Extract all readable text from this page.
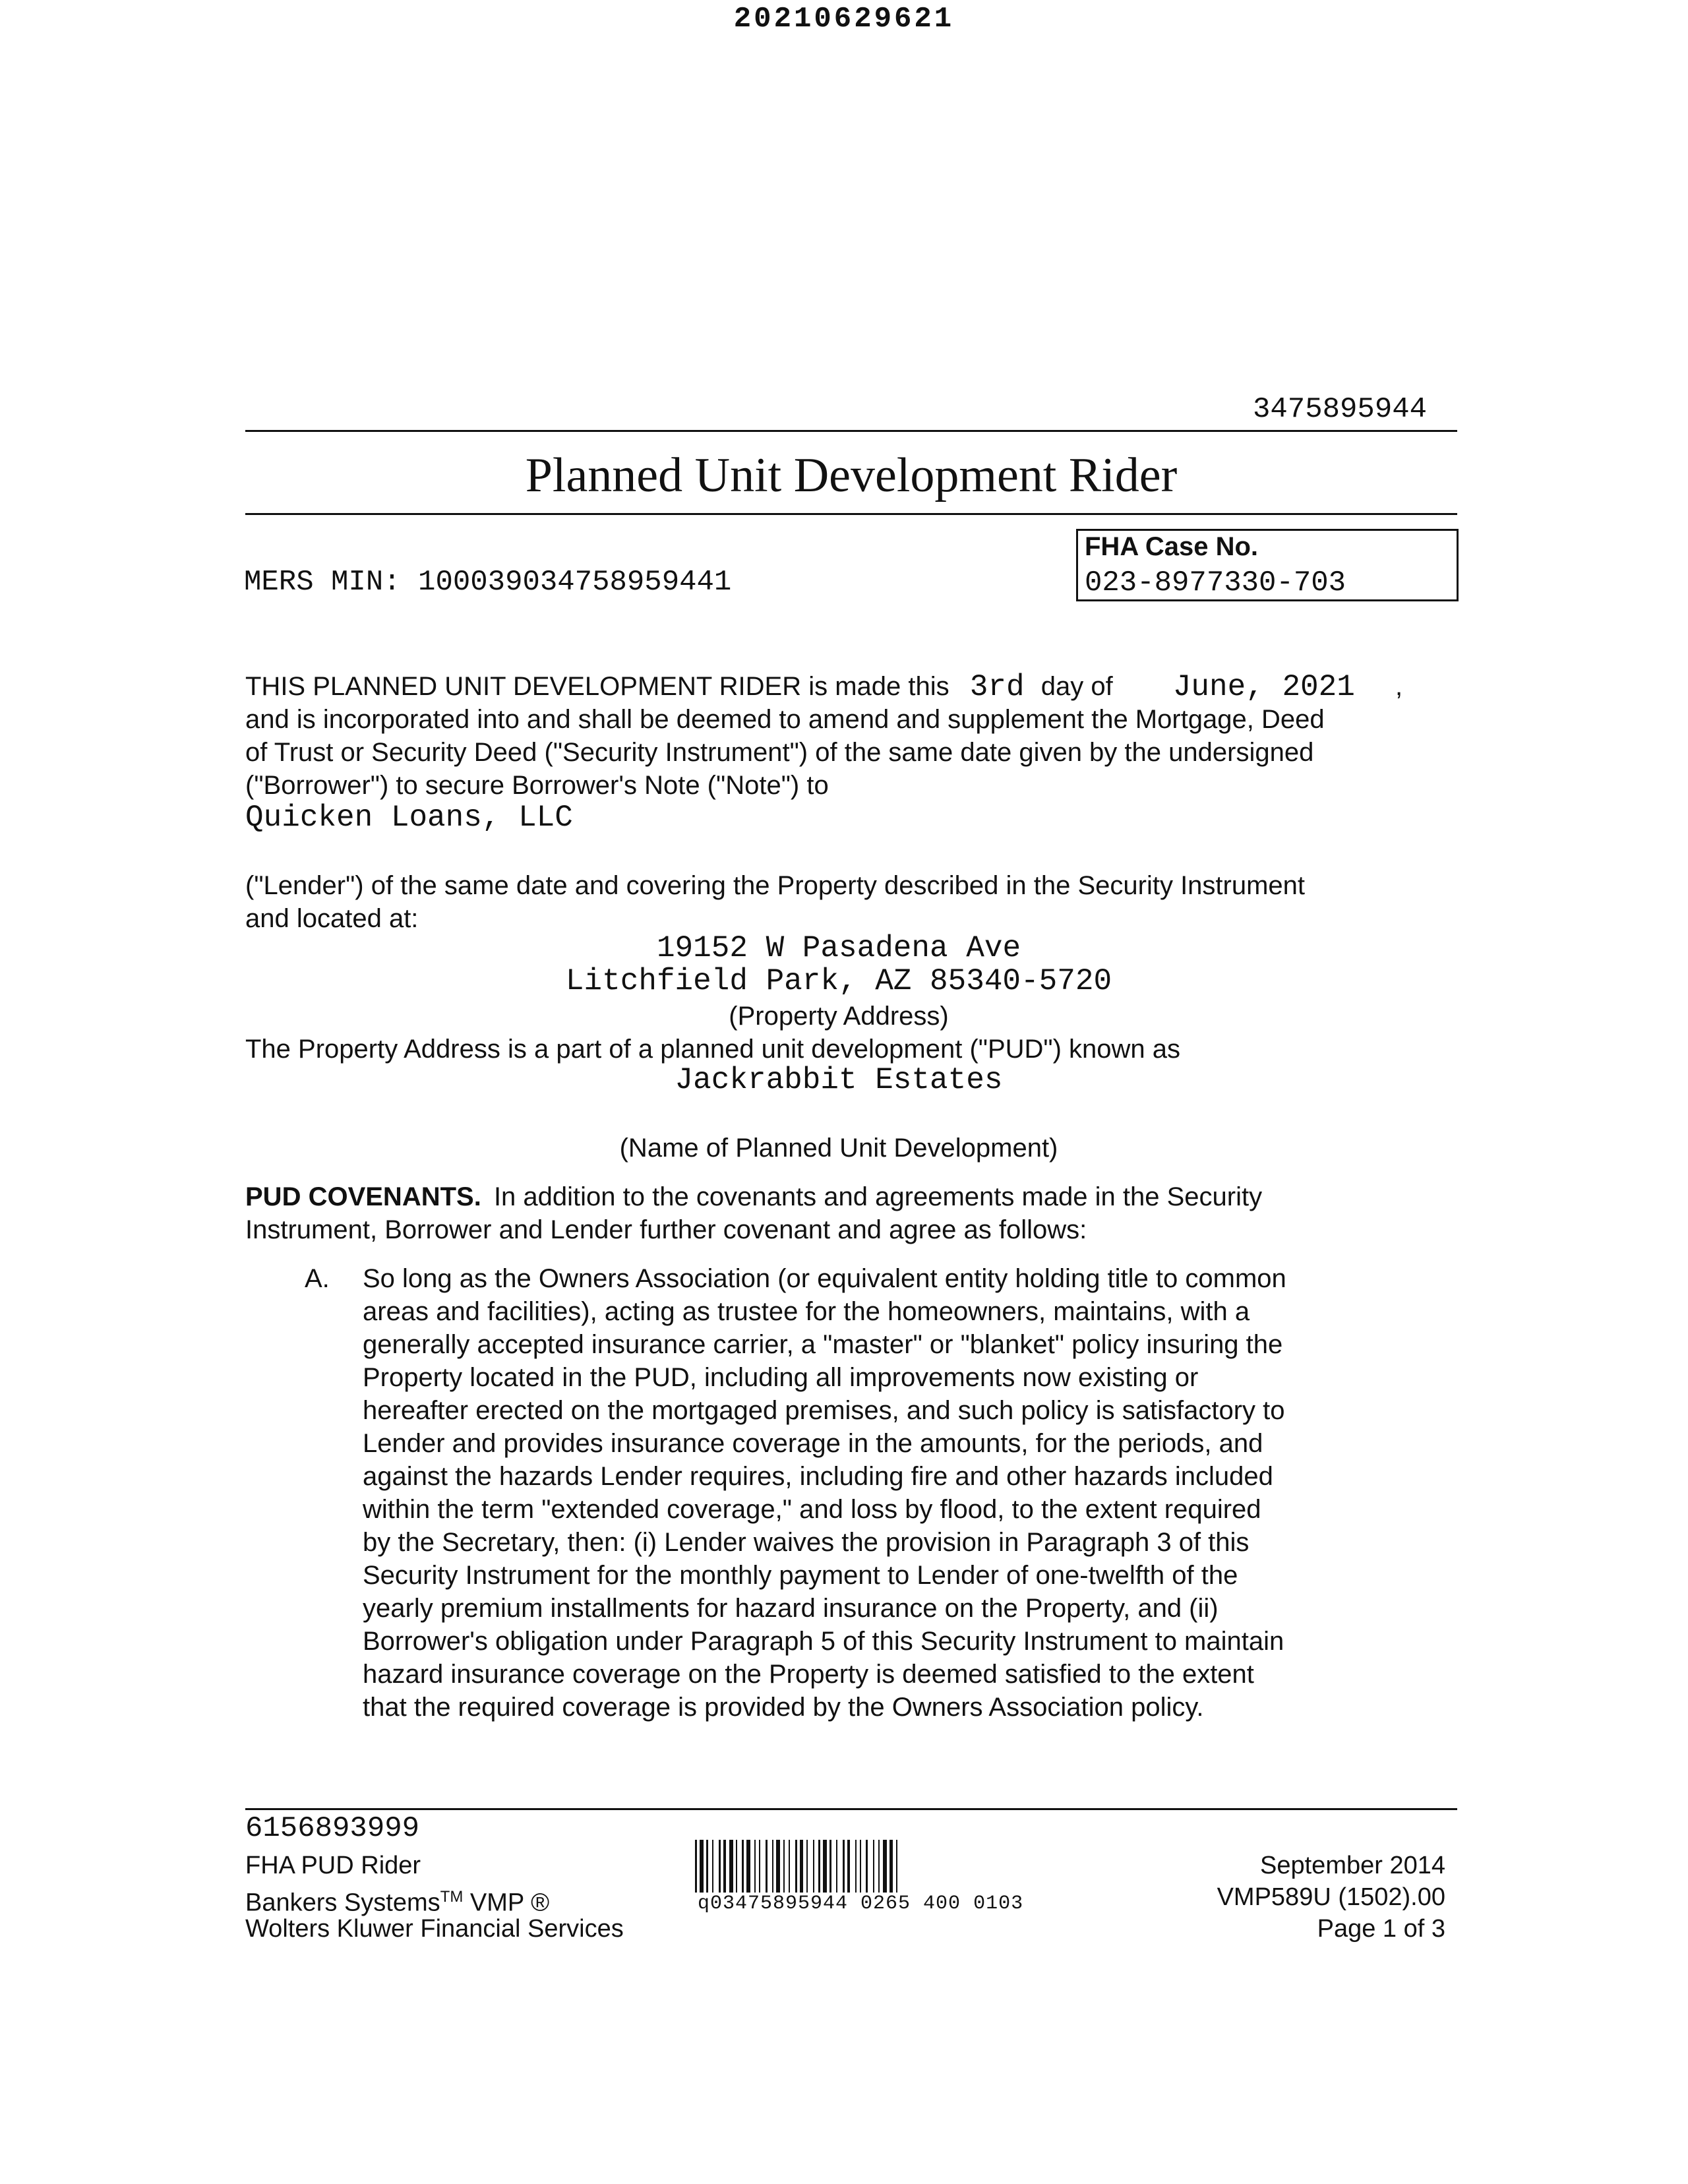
20210629621
3475895944
Planned Unit Development Rider
MERS MIN: 100039034758959441
FHA Case No.
023-8977330-703
THIS PLANNED UNIT DEVELOPMENT RIDER is made this 3rd day of June, 2021 ,
and is incorporated into and shall be deemed to amend and supplement the Mortgage, Deed
of Trust or Security Deed ("Security Instrument") of the same date given by the undersigned
("Borrower") to secure Borrower's Note ("Note") to
Quicken Loans, LLC
("Lender") of the same date and covering the Property described in the Security Instrument
and located at:
19152 W Pasadena Ave
Litchfield Park, AZ 85340-5720
(Property Address)
The Property Address is a part of a planned unit development ("PUD") known as
Jackrabbit Estates
(Name of Planned Unit Development)
PUD COVENANTS. In addition to the covenants and agreements made in the Security
Instrument, Borrower and Lender further covenant and agree as follows:
A. So long as the Owners Association (or equivalent entity holding title to common
areas and facilities), acting as trustee for the homeowners, maintains, with a
generally accepted insurance carrier, a "master" or "blanket" policy insuring the
Property located in the PUD, including all improvements now existing or
hereafter erected on the mortgaged premises, and such policy is satisfactory to
Lender and provides insurance coverage in the amounts, for the periods, and
against the hazards Lender requires, including fire and other hazards included
within the term "extended coverage," and loss by flood, to the extent required
by the Secretary, then: (i) Lender waives the provision in Paragraph 3 of this
Security Instrument for the monthly payment to Lender of one-twelfth of the
yearly premium installments for hazard insurance on the Property, and (ii)
Borrower's obligation under Paragraph 5 of this Security Instrument to maintain
hazard insurance coverage on the Property is deemed satisfied to the extent
that the required coverage is provided by the Owners Association policy.
6156893999
FHA PUD Rider
Bankers Systems™ VMP ®
Wolters Kluwer Financial Services
q03475895944 0265 400 0103
September 2014
VMP589U (1502).00
Page 1 of 3
